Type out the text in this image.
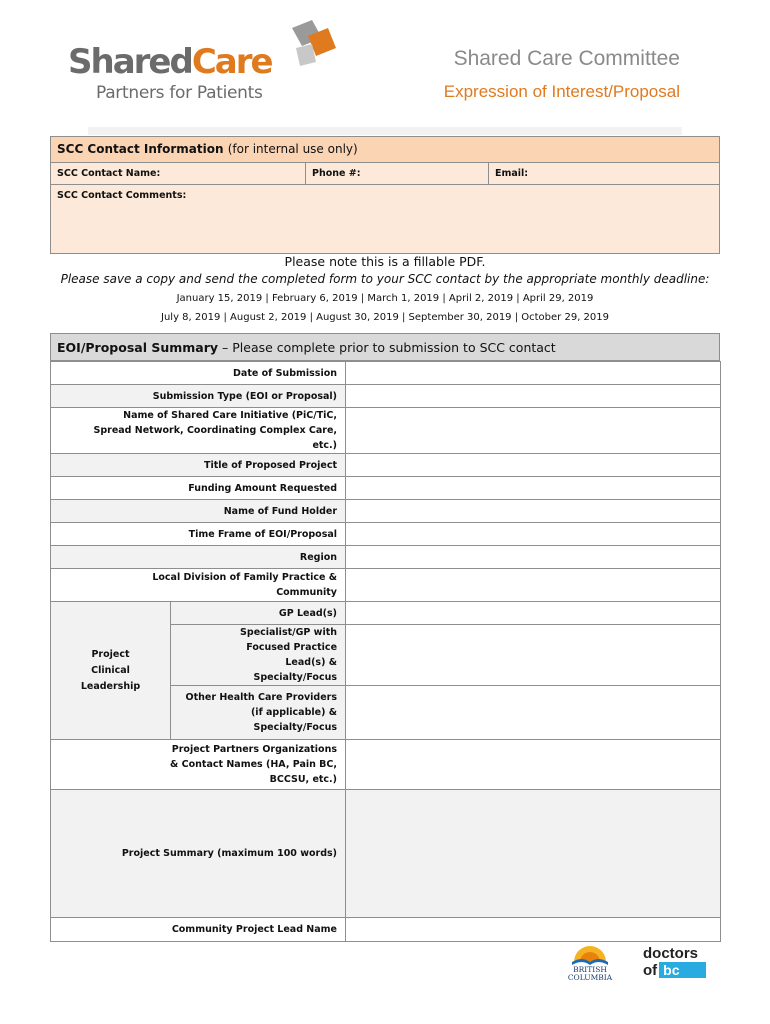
SharedCare
Partners for Patients
Shared Care Committee
Expression of Interest/Proposal
SCC Contact Information (for internal use only)
SCC Contact Name:	Phone #:	Email:
SCC Contact Comments:
Please note this is a fillable PDF.
Please save a copy and send the completed form to your SCC contact by the appropriate monthly deadline:
January 15, 2019 | February 6, 2019 | March 1, 2019 | April 2, 2019 | April 29, 2019
July 8, 2019 | August 2, 2019 | August 30, 2019 | September 30, 2019 | October 29, 2019
EOI/Proposal Summary – Please complete prior to submission to SCC contact
Date of Submission		
Submission Type (EOI or Proposal)		
Name of Shared Care Initiative (PiC/TiC, Spread Network, Coordinating Complex Care, etc.)		
Title of Proposed Project		
Funding Amount Requested		
Name of Fund Holder		
Time Frame of EOI/Proposal		
Region		
Local Division of Family Practice & Community		
Project Clinical Leadership	GP Lead(s)	
	Specialist/GP with Focused Practice Lead(s) & Specialty/Focus	
	Other Health Care Providers (if applicable) & Specialty/Focus	
Project Partners Organizations & Contact Names (HA, Pain BC, BCCSU, etc.)		
Project Summary (maximum 100 words)		
Community Project Lead Name		
BRITISH COLUMBIA
doctors
of bc
